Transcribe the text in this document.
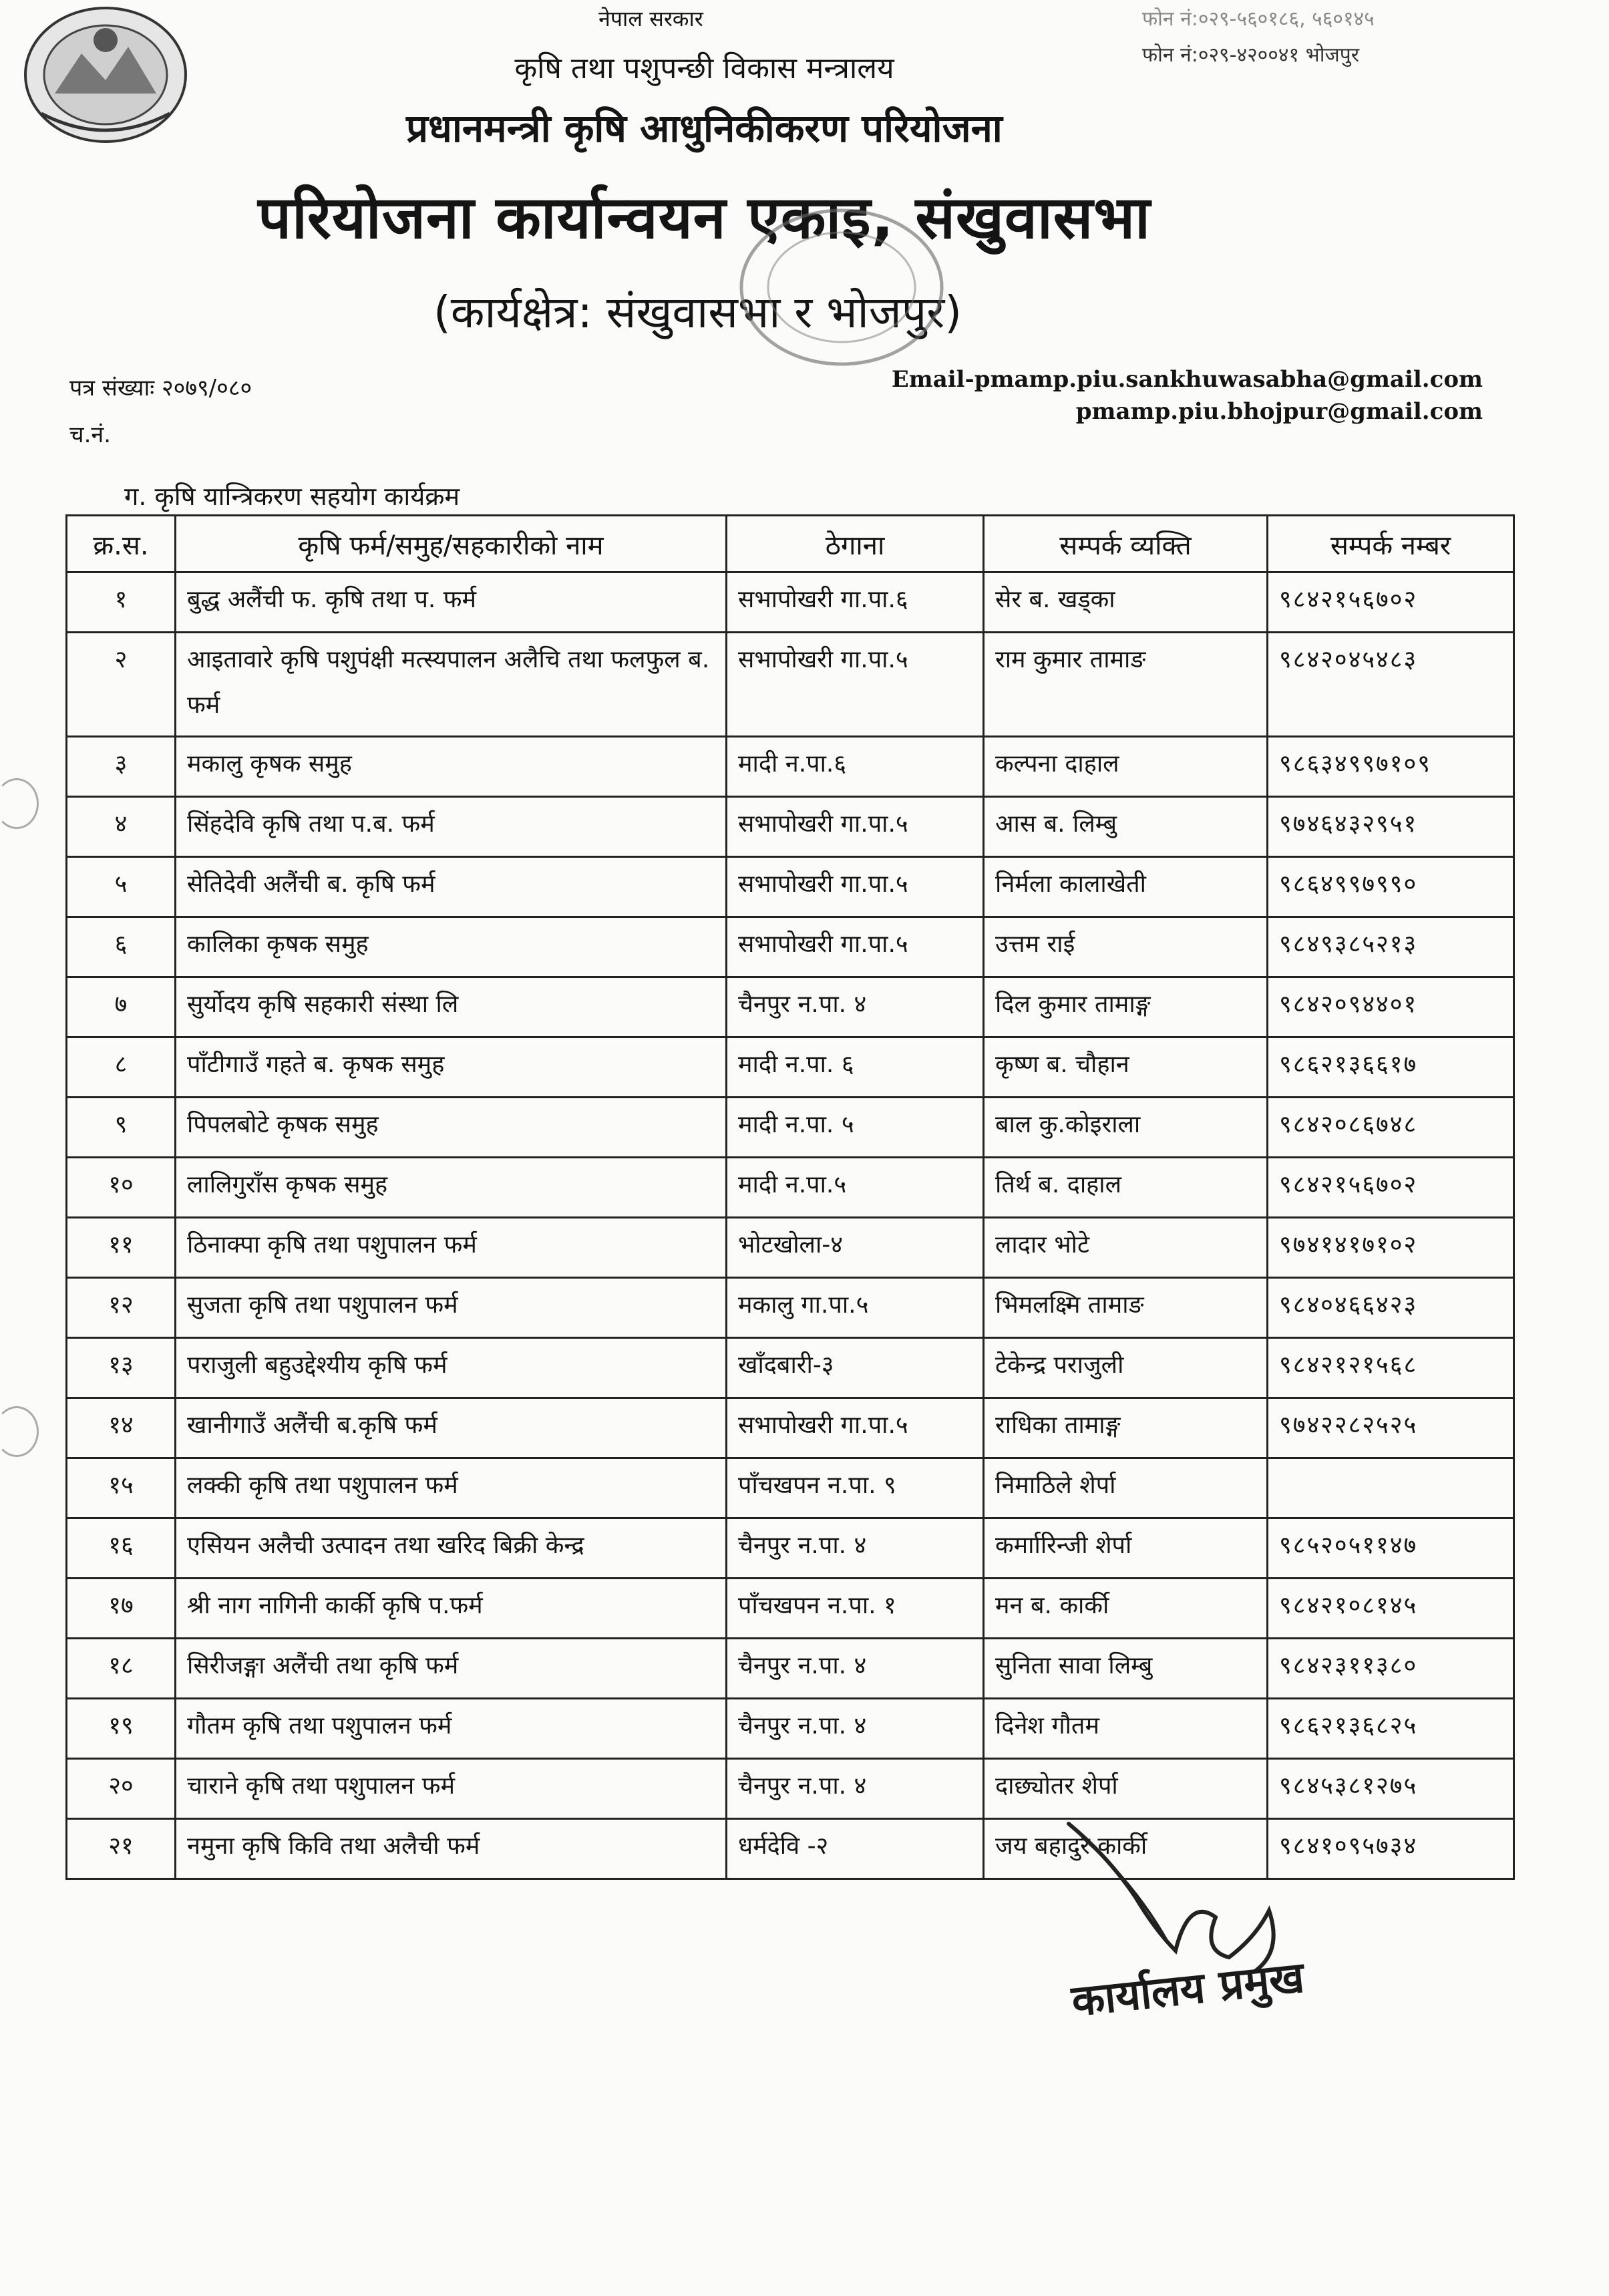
नेपाल सरकार
कृषि तथा पशुपन्छी विकास मन्त्रालय
प्रधानमन्त्री कृषि आधुनिकीकरण परियोजना
परियोजना कार्यान्वयन एकाइ, संखुवासभा
(कार्यक्षेत्र: संखुवासभा र भोजपुर)
फोन नं:०२९-५६०१८६, ५६०१४५
फोन नं:०२९-४२००४१ भोजपुर
Email-pmamp.piu.sankhuwasabha@gmail.com
pmamp.piu.bhojpur@gmail.com
पत्र संख्याः २०७९/०८०
च.नं.
ग. कृषि यान्त्रिकरण सहयोग कार्यक्रम
क्र.स.	कृषि फर्म/समुह/सहकारीको नाम	ठेगाना	सम्पर्क व्यक्ति	सम्पर्क नम्बर
१	बुद्ध अलैंची फ. कृषि तथा प. फर्म	सभापोखरी गा.पा.६	सेर ब. खड्का	९८४२१५६७०२
२	आइतावारे कृषि पशुपंक्षी मत्स्यपालन अलैचि तथा फलफुल ब. फर्म	सभापोखरी गा.पा.५	राम कुमार तामाङ	९८४२०४५४८३
३	मकालु कृषक समुह	मादी न.पा.६	कल्पना दाहाल	९८६३४९९७१०९
४	सिंहदेवि कृषि तथा प.ब. फर्म	सभापोखरी गा.पा.५	आस ब. लिम्बु	९७४६४३२९५१
५	सेतिदेवी अलैंची ब. कृषि फर्म	सभापोखरी गा.पा.५	निर्मला कालाखेती	९८६४९९७९९०
६	कालिका कृषक समुह	सभापोखरी गा.पा.५	उत्तम राई	९८४९३८५२१३
७	सुर्योदय कृषि सहकारी संस्था लि	चैनपुर न.पा. ४	दिल कुमार तामाङ्ग	९८४२०९४४०१
८	पाँटीगाउँ गहते ब. कृषक समुह	मादी न.पा. ६	कृष्ण ब. चौहान	९८६२१३६६१७
९	पिपलबोटे कृषक समुह	मादी न.पा. ५	बाल कु.कोइराला	९८४२०८६७४८
१०	लालिगुराँस कृषक समुह	मादी न.पा.५	तिर्थ ब. दाहाल	९८४२१५६७०२
११	ठिनाक्पा कृषि तथा पशुपालन फर्म	भोटखोला-४	लादार भोटे	९७४१४१७१०२
१२	सुजता कृषि तथा पशुपालन फर्म	मकालु गा.पा.५	भिमलक्ष्मि तामाङ	९८४०४६६४२३
१३	पराजुली बहुउद्देश्यीय कृषि फर्म	खाँदबारी-३	टेकेन्द्र पराजुली	९८४२१२१५६८
१४	खानीगाउँ अलैंची ब.कृषि फर्म	सभापोखरी गा.पा.५	राधिका तामाङ्ग	९७४२२८२५२५
१५	लक्की कृषि तथा पशुपालन फर्म	पाँचखपन न.पा. ९	निमाठिले शेर्पा	
१६	एसियन अलैची उत्पादन तथा खरिद बिक्री केन्द्र	चैनपुर न.पा. ४	कर्माारिन्जी शेर्पा	९८५२०५११४७
१७	श्री नाग नागिनी कार्की कृषि प.फर्म	पाँचखपन न.पा. १	मन ब. कार्की	९८४२१०८१४५
१८	सिरीजङ्गा अलैंची तथा कृषि फर्म	चैनपुर न.पा. ४	सुनिता सावा लिम्बु	९८४२३११३८०
१९	गौतम कृषि तथा पशुपालन फर्म	चैनपुर न.पा. ४	दिनेश गौतम	९८६२१३६८२५
२०	चाराने कृषि तथा पशुपालन फर्म	चैनपुर न.पा. ४	दाछ्योतर शेर्पा	९८४५३८१२७५
२१	नमुना कृषि किवि तथा अलैची फर्म	धर्मदेवि -२	जय बहादुर कार्की	९८४१०९५७३४
कार्यालय प्रमुख
